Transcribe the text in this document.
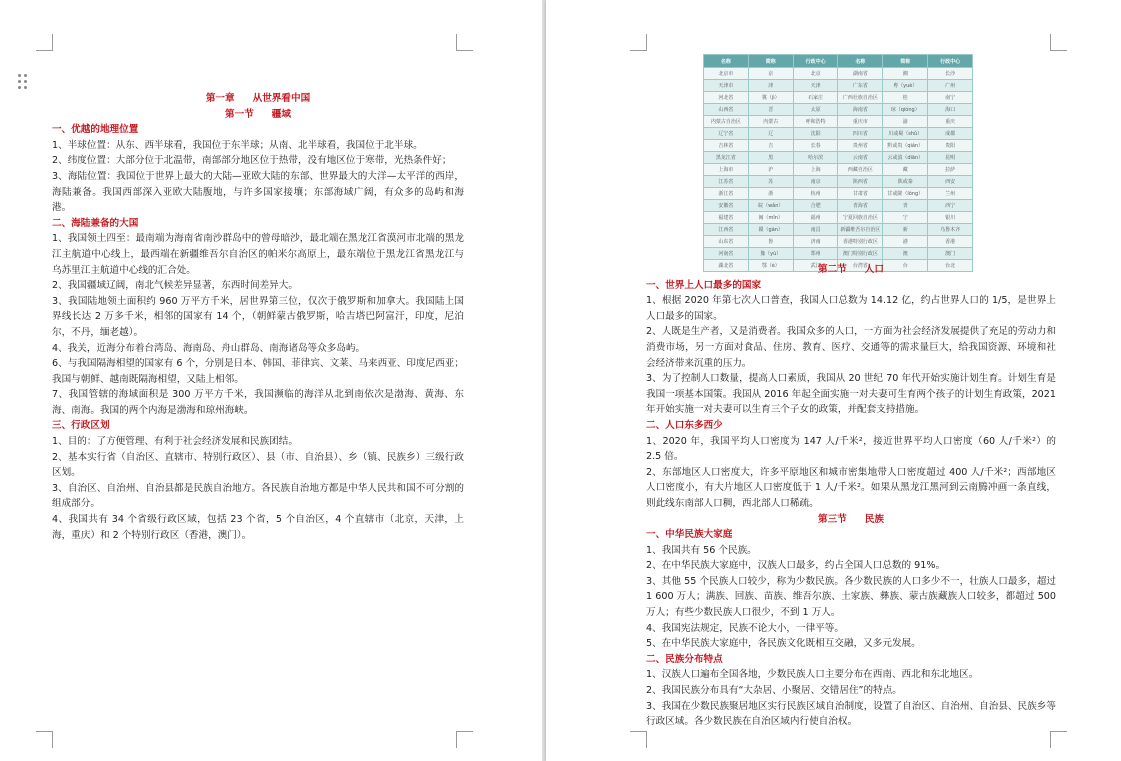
第一章 从世界看中国
第一节 疆域
一、优越的地理位置

1、半球位置：从东、西半球看，我国位于东半球；从南、北半球看，我国位于北半球。

2、纬度位置：大部分位于北温带，南部部分地区位于热带，没有地区位于寒带，光热条件好；

3、海陆位置：我国位于世界上最大的大陆—亚欧大陆的东部、世界最大的大洋—太平洋的西岸，海陆兼备。我国西部深入亚欧大陆腹地，与许多国家接壤；东部海域广阔，有众多的岛屿和海港。

二、海陆兼备的大国

1、我国领土四至：最南端为海南省南沙群岛中的曾母暗沙，最北端在黑龙江省漠河市北端的黑龙江主航道中心线上，最西端在新疆维吾尔自治区的帕米尔高原上，最东端位于黑龙江省黑龙江与乌苏里江主航道中心线的汇合处。

2、我国疆域辽阔，南北气候差异显著，东西时间差异大。

3、我国陆地领土面积约 960 万平方千米，居世界第三位，仅次于俄罗斯和加拿大。我国陆上国界线长达 2 万多千米，相邻的国家有 14 个，（朝鲜蒙古俄罗斯，哈吉塔巴阿富汗，印度，尼泊尔，不丹，缅老越）。

4、我关，近海分布着台湾岛、海南岛、舟山群岛、南海诸岛等众多岛屿。

6、与我国隔海相望的国家有 6 个，分别是日本、韩国、菲律宾、文莱、马来西亚、印度尼西亚；我国与朝鲜、越南既隔海相望，又陆上相邻。

7、我国管辖的海域面积是 300 万平方千米，我国濒临的海洋从北到南依次是渤海、黄海、东海、南海。我国的两个内海是渤海和琼州海峡。

三、行政区划

1、目的：了方便管理、有利于社会经济发展和民族团结。

2、基本实行省（自治区、直辖市、特别行政区）、县（市、自治县）、乡（镇、民族乡）三级行政区划。

3、自治区、自治州、自治县都是民族自治地方。各民族自治地方都是中华人民共和国不可分割的组成部分。

4、我国共有 34 个省级行政区域，包括 23 个省，5 个自治区，4 个直辖市（北京，天津，上海，重庆）和 2 个特别行政区（香港，澳门）。

名称	简称	行政中心	名称	简称	行政中心
北京市	京	北京	湖南省	湘	长沙
天津市	津	天津	广东省	粤（yuè）	广州
河北省	冀（jì）	石家庄	广西壮族自治区	桂	南宁
山西省	晋	太原	海南省	琼（qióng）	海口
内蒙古自治区	内蒙古	呼和浩特	重庆市	渝	重庆
辽宁省	辽	沈阳	四川省	川或蜀（shǔ）	成都
吉林省	吉	长春	贵州省	黔或贵（qián）	贵阳
黑龙江省	黑	哈尔滨	云南省	云或滇（diān）	昆明
上海市	沪	上海	西藏自治区	藏	拉萨
江苏省	苏	南京	陕西省	陕或秦	西安
浙江省	浙	杭州	甘肃省	甘或陇（lǒng）	兰州
安徽省	皖（wǎn）	合肥	青海省	青	西宁
福建省	闽（mǐn）	福州	宁夏回族自治区	宁	银川
江西省	赣（gàn）	南昌	新疆维吾尔自治区	新	乌鲁木齐
山东省	鲁	济南	香港特别行政区	港	香港
河南省	豫（yù）	郑州	澳门特别行政区	澳	澳门
湖北省	鄂（è）	武汉	台湾省	台	台北
第二节 人口
一、世界上人口最多的国家

1、根据 2020 年第七次人口普查，我国人口总数为 14.12 亿，约占世界人口的 1/5，是世界上人口最多的国家。

2、人既是生产者，又是消费者。我国众多的人口，一方面为社会经济发展提供了充足的劳动力和消费市场，另一方面对食品、住房、教育、医疗、交通等的需求量巨大，给我国资源、环境和社会经济带来沉重的压力。

3、为了控制人口数量，提高人口素质，我国从 20 世纪 70 年代开始实施计划生育。计划生育是我国一项基本国策。我国从 2016 年起全面实施一对夫妻可生育两个孩子的计划生育政策，2021 年开始实施一对夫妻可以生育三个子女的政策，并配套支持措施。

二、人口东多西少

1、2020 年，我国平均人口密度为 147 人/千米²，接近世界平均人口密度（60 人/千米²）的 2.5 倍。

2、东部地区人口密度大，许多平原地区和城市密集地带人口密度超过 400 人/千米²；西部地区人口密度小，有大片地区人口密度低于 1 人/千米²。如果从黑龙江黑河到云南腾冲画一条直线，则此线东南部人口稠，西北部人口稀疏。

第三节 民族
一、中华民族大家庭

1、我国共有 56 个民族。

2、在中华民族大家庭中，汉族人口最多，约占全国人口总数的 91%。

3、其他 55 个民族人口较少，称为少数民族。各少数民族的人口多少不一，壮族人口最多，超过 1 600 万人；满族、回族、苗族、维吾尔族、土家族、彝族、蒙古族藏族人口较多，都超过 500 万人；有些少数民族人口很少，不到 1 万人。

4、我国宪法规定，民族不论大小，一律平等。

5、在中华民族大家庭中，各民族文化既相互交融，又多元发展。

二、民族分布特点

1、汉族人口遍布全国各地，少数民族人口主要分布在西南、西北和东北地区。

2、我国民族分布具有“大杂居、小聚居、交错居住”的特点。

3、我国在少数民族聚居地区实行民族区域自治制度，设置了自治区、自治州、自治县、民族乡等行政区域。各少数民族在自治区域内行使自治权。
